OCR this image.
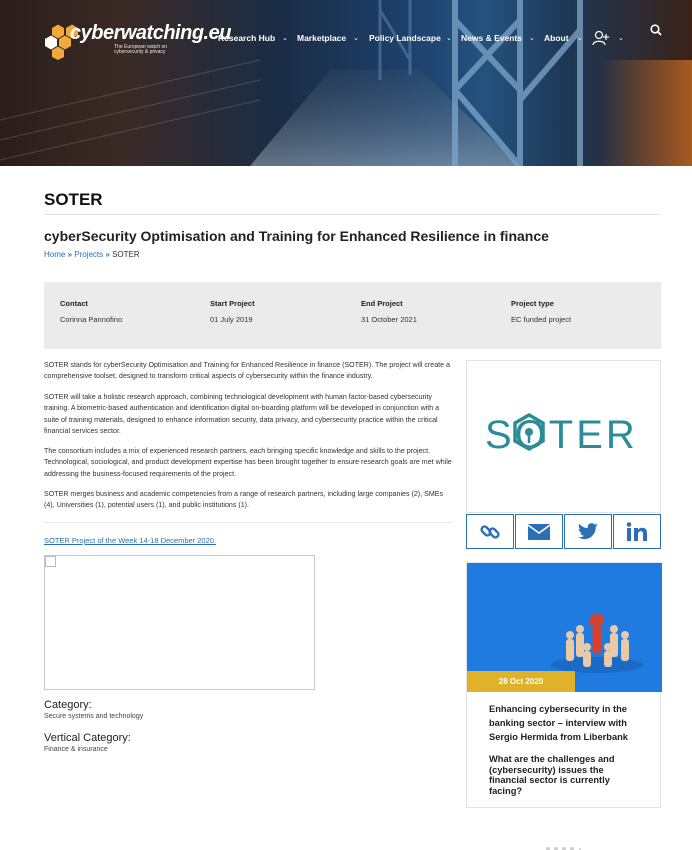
cyberwatching.eu
The European watch on cybersecurity & privacy
Research Hub ⌄ Marketplace ⌄ Policy Landscape ⌄ News & Events ⌄ About ⌄	⌄
SOTER
cyberSecurity Optimisation and Training for Enhanced Resilience in finance
Home » Projects » SOTER
Contact
Corinna Pannofino
Start Project
01 July 2019
End Project
31 October 2021
Project type
EC funded project

SOTER stands for cyberSecurity Optimisation and Training for Enhanced Resilience in finance (SOTER). The project will create a comprehensive toolset, designed to transform critical aspects of cybersecurity within the finance industry.

SOTER will take a holistic research approach, combining technological development with human factor-based cybersecurity training. A biometric-based authentication and identification digital on-boarding platform will be developed in conjunction with a suite of training materials, designed to enhance information security, data privacy, and cybersecurity practice within the critical financial services sector.

The consortium includes a mix of experienced research partners, each bringing specific knowledge and skills to the project. Technological, sociological, and product development expertise has been brought together to ensure research goals are met while addressing the business-focused requirements of the project.

SOTER merges business and academic competencies from a range of research partners, including large companies (2), SMEs (4), Universities (1), potential users (1), and public institutions (1).

SOTER Project of the Week 14-18 December 2020.
Category:
Secure systems and technology
Vertical Category:
Finance & insurance
SOTER
28 Oct 2020
Enhancing cybersecurity in the banking sector – interview with Sergio Hermida from Liberbank
What are the challenges and (cybersecurity) issues the financial sector is currently facing?
